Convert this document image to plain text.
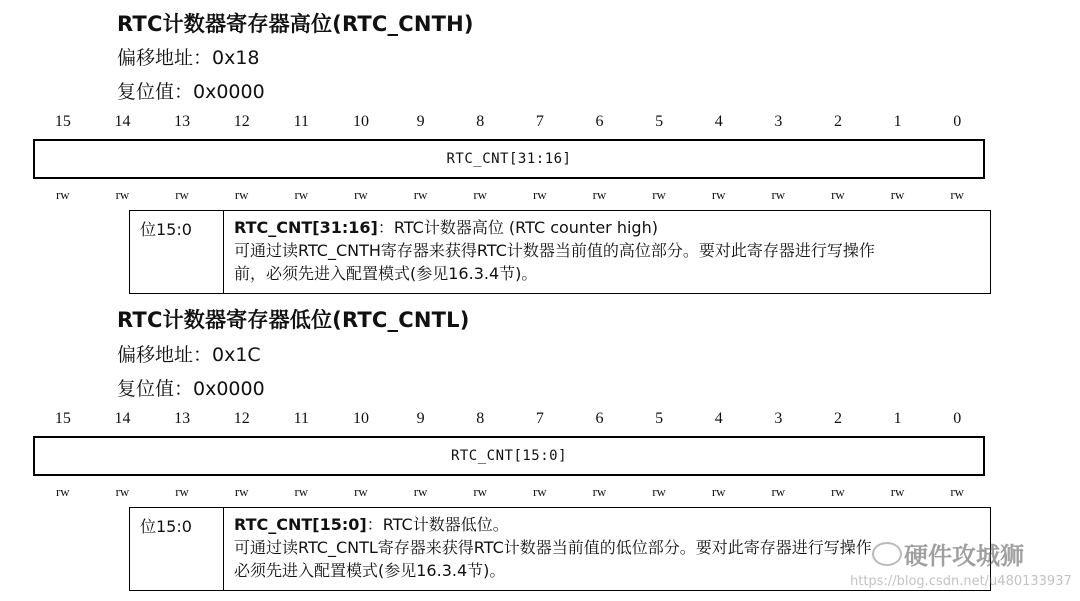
RTC计数器寄存器高位(RTC_CNTH)
偏移地址：0x18
复位值：0x0000
15	14	13	12	11	10	9	8	7	6	5	4	3	2	1	0
RTC_CNT[31:16]
rw	rw	rw	rw	rw	rw	rw	rw	rw	rw	rw	rw	rw	rw	rw	rw
位15:0	RTC_CNT[31:16]：RTC计数器高位 (RTC counter high)
可通过读RTC_CNTH寄存器来获得RTC计数器当前值的高位部分。要对此寄存器进行写操作
前，必须先进入配置模式(参见16.3.4节)。
RTC计数器寄存器低位(RTC_CNTL)
偏移地址：0x1C
复位值：0x0000
15	14	13	12	11	10	9	8	7	6	5	4	3	2	1	0
RTC_CNT[15:0]
rw	rw	rw	rw	rw	rw	rw	rw	rw	rw	rw	rw	rw	rw	rw	rw
位15:0	RTC_CNT[15:0]：RTC计数器低位。
可通过读RTC_CNTL寄存器来获得RTC计数器当前值的低位部分。要对此寄存器进行写操作
必须先进入配置模式(参见16.3.4节)。
硬件攻城狮
https://blog.csdn.net/u480133937
